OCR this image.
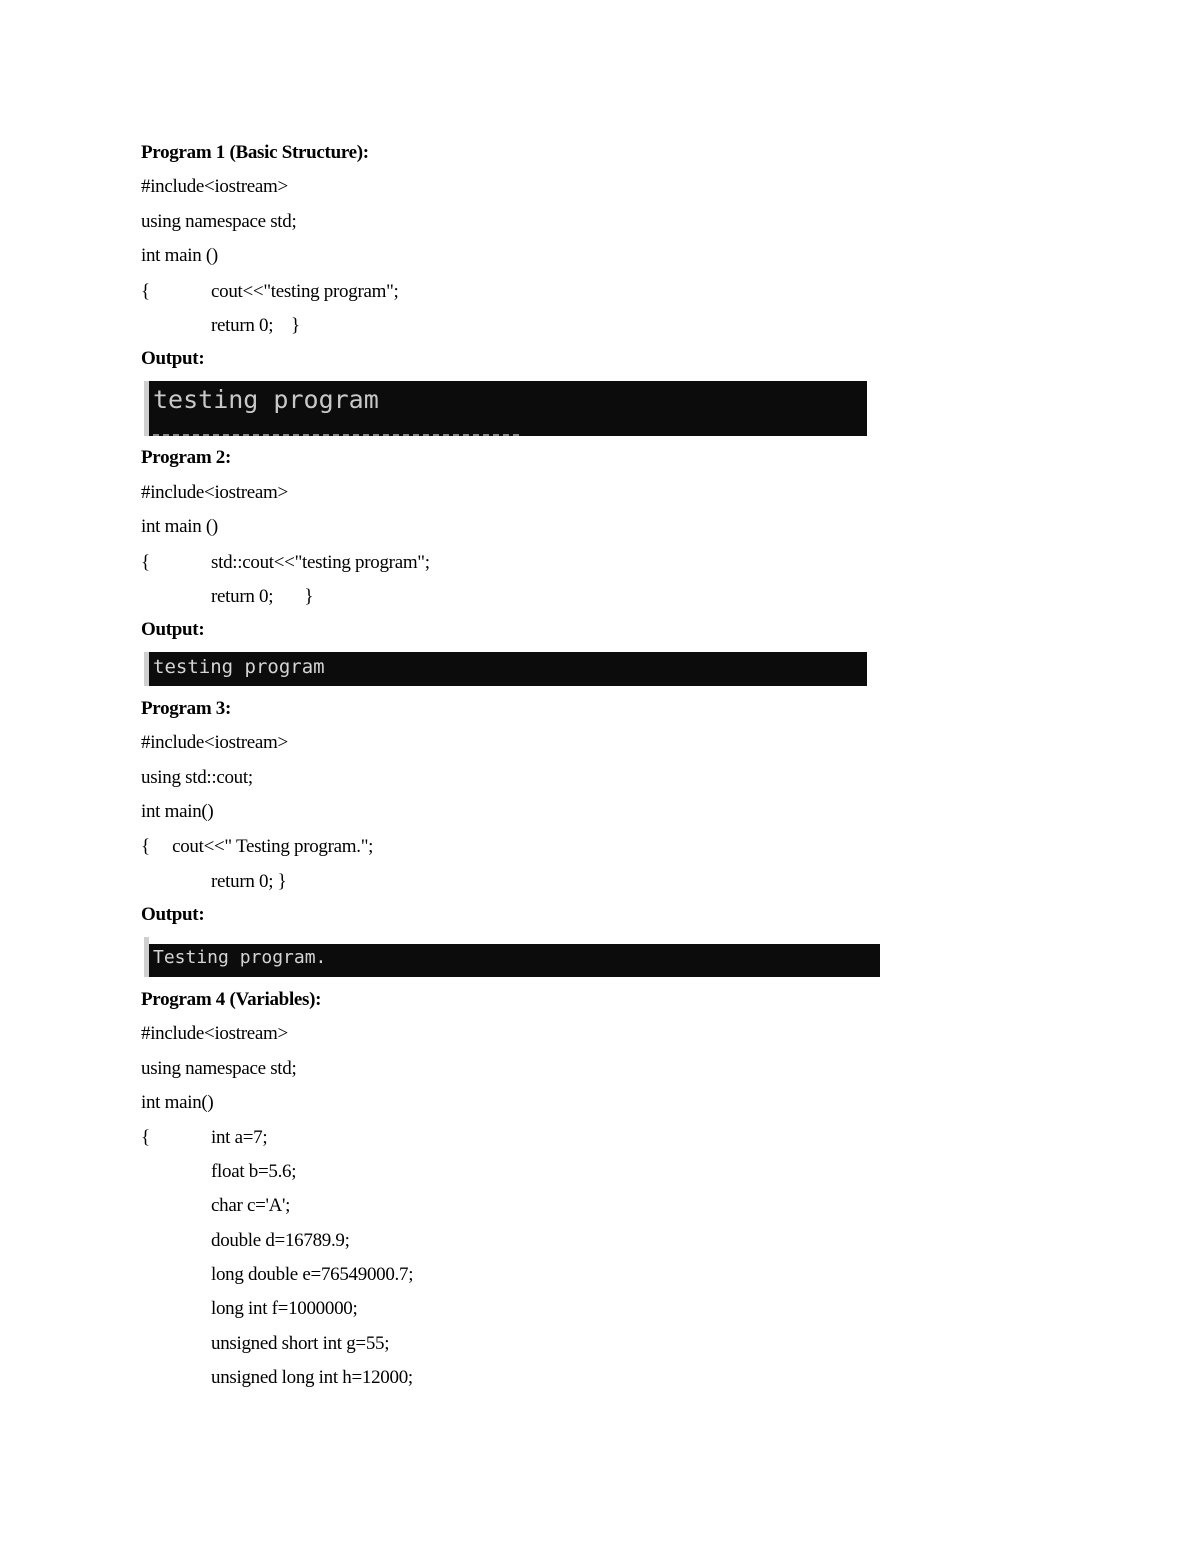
Program 1 (Basic Structure):
#include<iostream>
using namespace std;
int main ()
{	cout<<"testing program";
return 0;    }
Output:
testing program
Program 2:
#include<iostream>
int main ()
{	std::cout<<"testing program";
return 0;       }
Output:
testing program
Program 3:
#include<iostream>
using std::cout;
int main()
{     cout<<" Testing program.";
return 0; }
Output:
Testing program.
Program 4 (Variables):
#include<iostream>
using namespace std;
int main()
{	int a=7;
float b=5.6;
char c='A';
double d=16789.9;
long double e=76549000.7;
long int f=1000000;
unsigned short int g=55;
unsigned long int h=12000;
